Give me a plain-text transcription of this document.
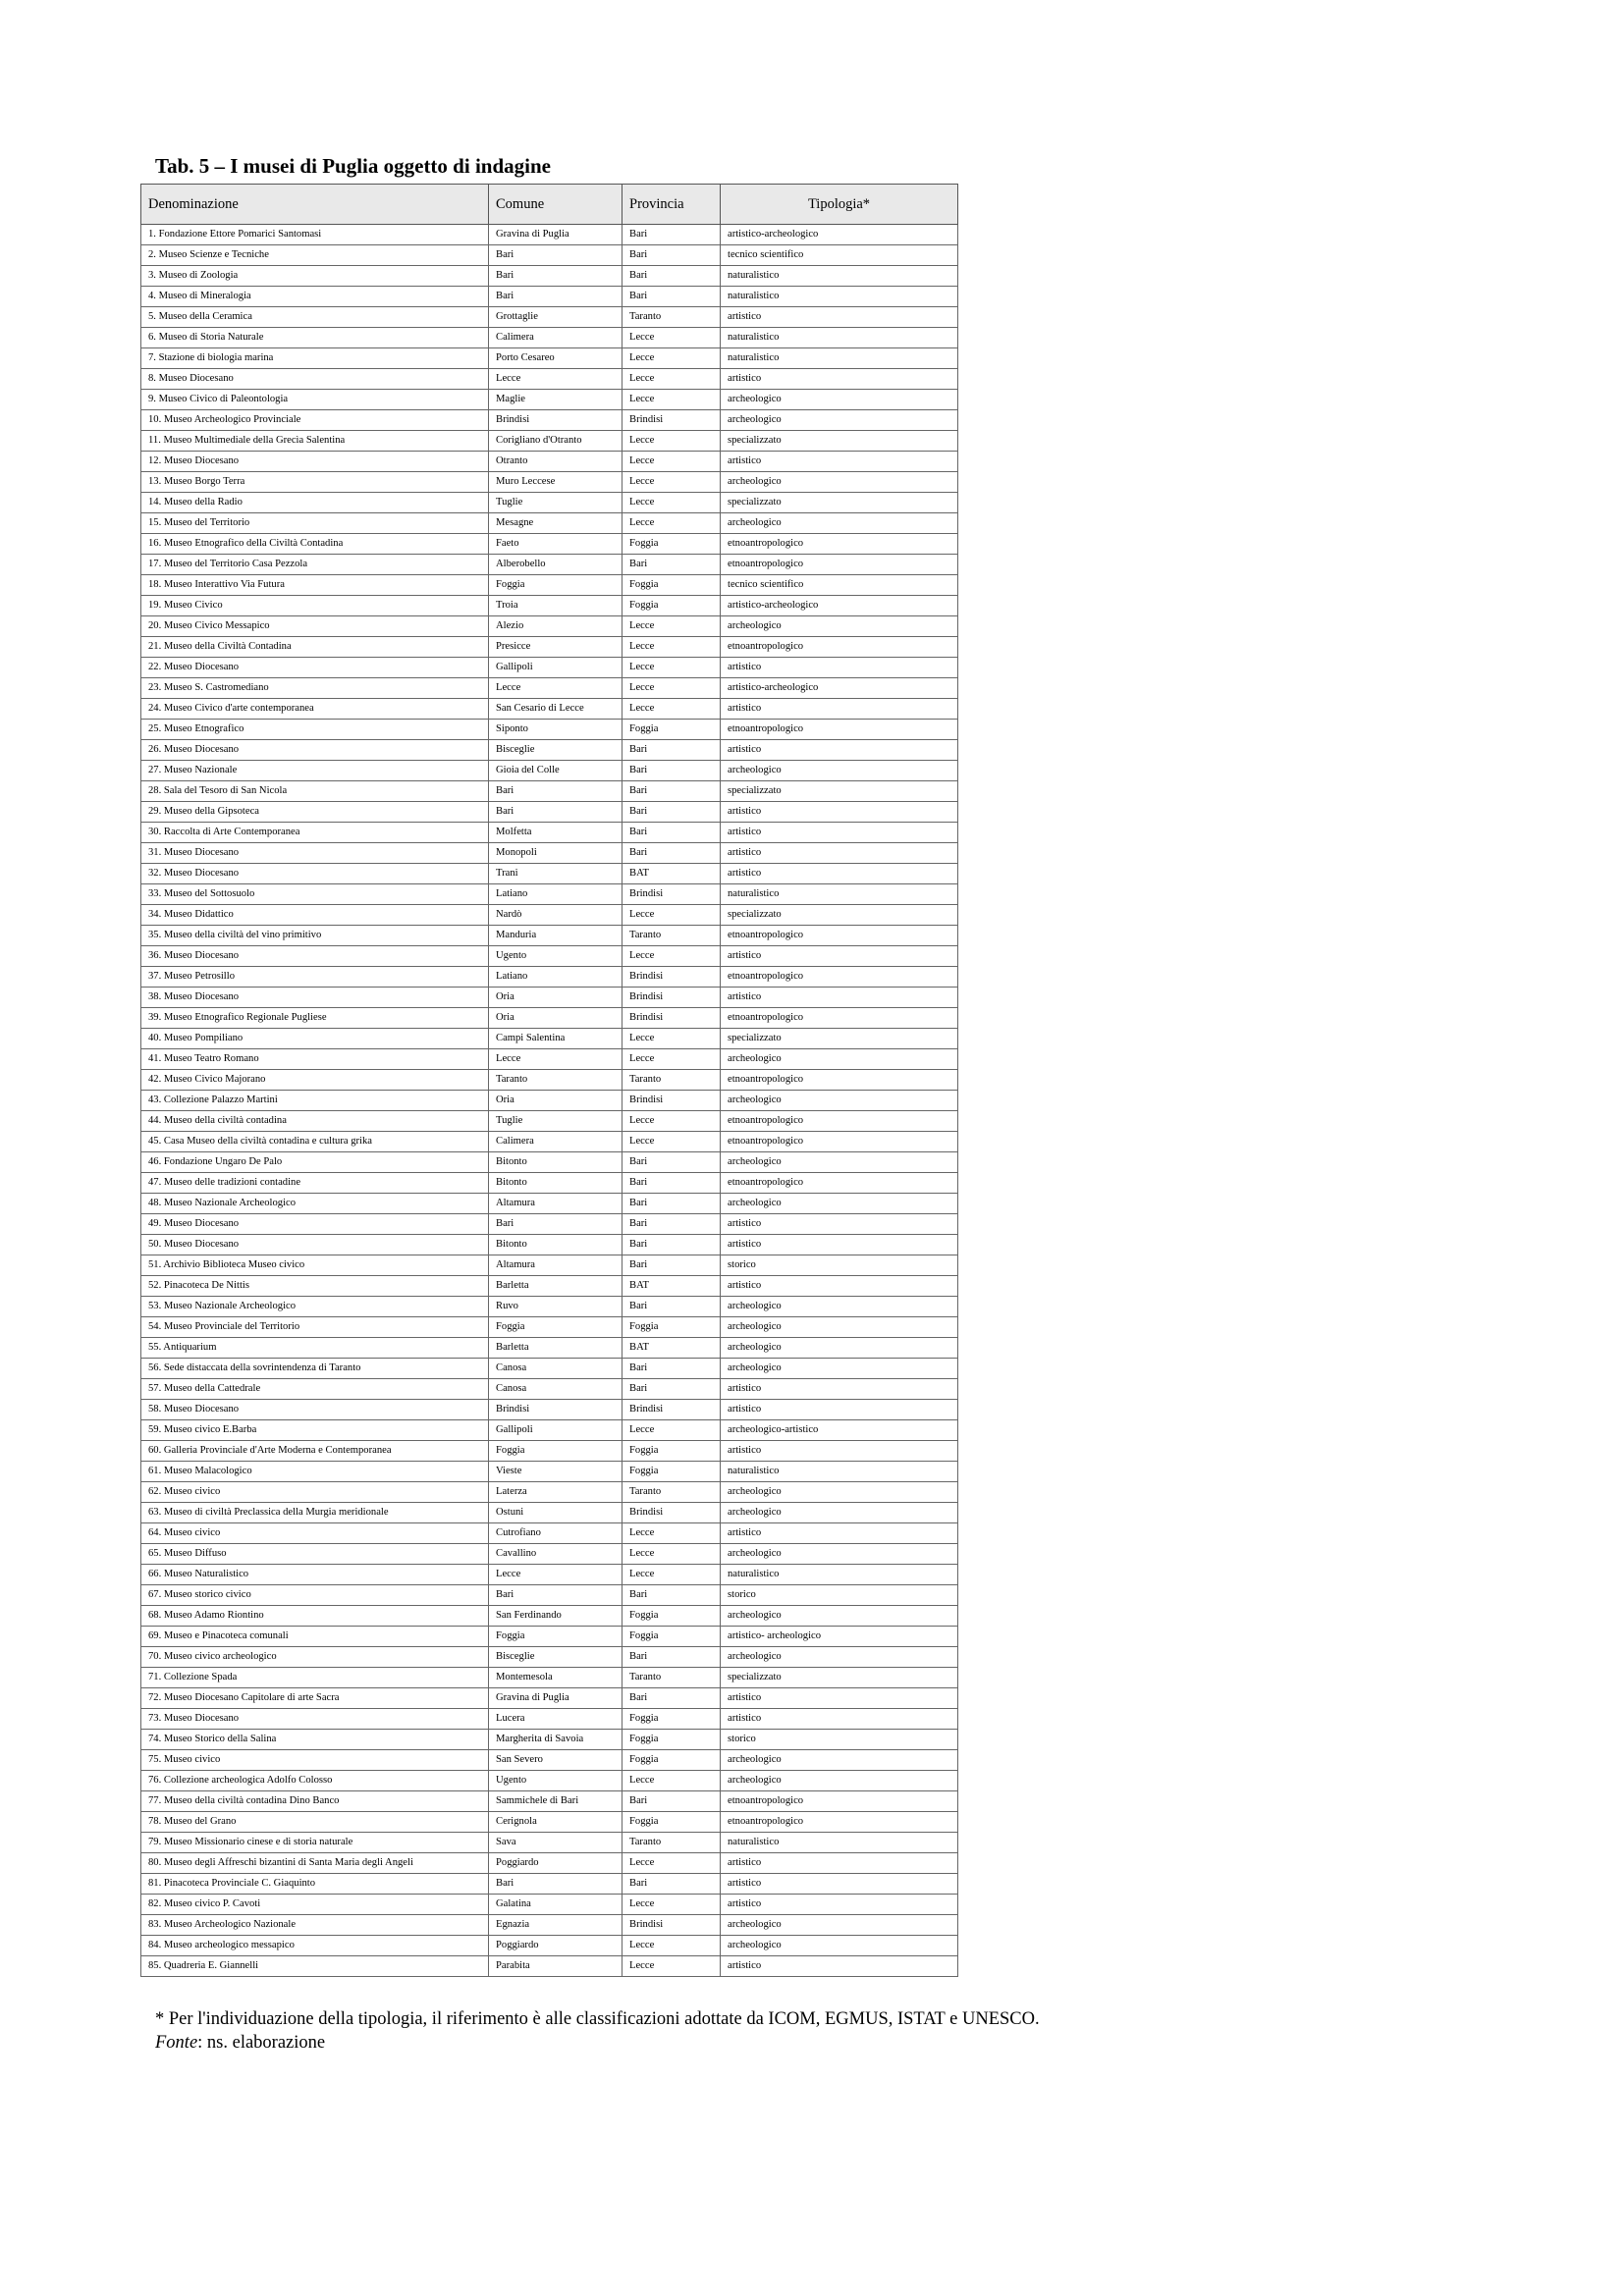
Tab. 5 – I musei di Puglia oggetto di indagine
Denominazione	Comune	Provincia	Tipologia*
1. Fondazione Ettore Pomarici Santomasi	Gravina di Puglia	Bari	artistico-archeologico
2. Museo Scienze e Tecniche	Bari	Bari	tecnico scientifico
3. Museo di Zoologia	Bari	Bari	naturalistico
4. Museo di Mineralogia	Bari	Bari	naturalistico
5. Museo della Ceramica	Grottaglie	Taranto	artistico
6. Museo di Storia Naturale	Calimera	Lecce	naturalistico
7. Stazione di biologia marina	Porto Cesareo	Lecce	naturalistico
8. Museo Diocesano	Lecce	Lecce	artistico
9. Museo Civico di Paleontologia	Maglie	Lecce	archeologico
10. Museo Archeologico Provinciale	Brindisi	Brindisi	archeologico
11. Museo Multimediale della Grecìa Salentina	Corigliano d'Otranto	Lecce	specializzato
12. Museo Diocesano	Otranto	Lecce	artistico
13. Museo Borgo Terra	Muro Leccese	Lecce	archeologico
14. Museo della Radio	Tuglie	Lecce	specializzato
15. Museo del Territorio	Mesagne	Lecce	archeologico
16. Museo Etnografico della Civiltà Contadina	Faeto	Foggia	etnoantropologico
17. Museo del Territorio Casa Pezzola	Alberobello	Bari	etnoantropologico
18. Museo Interattivo Via Futura	Foggia	Foggia	tecnico scientifico
19. Museo Civico	Troia	Foggia	artistico-archeologico
20. Museo Civico Messapico	Alezio	Lecce	archeologico
21. Museo della Civiltà Contadina	Presicce	Lecce	etnoantropologico
22. Museo Diocesano	Gallipoli	Lecce	artistico
23. Museo S. Castromediano	Lecce	Lecce	artistico-archeologico
24. Museo Civico d'arte contemporanea	San Cesario di Lecce	Lecce	artistico
25. Museo Etnografico	Siponto	Foggia	etnoantropologico
26. Museo Diocesano	Bisceglie	Bari	artistico
27. Museo Nazionale	Gioia del Colle	Bari	archeologico
28. Sala del Tesoro di San Nicola	Bari	Bari	specializzato
29. Museo della Gipsoteca	Bari	Bari	artistico
30. Raccolta di Arte Contemporanea	Molfetta	Bari	artistico
31. Museo Diocesano	Monopoli	Bari	artistico
32. Museo Diocesano	Trani	BAT	artistico
33. Museo del Sottosuolo	Latiano	Brindisi	naturalistico
34. Museo Didattico	Nardò	Lecce	specializzato
35. Museo della civiltà del vino primitivo	Manduria	Taranto	etnoantropologico
36. Museo Diocesano	Ugento	Lecce	artistico
37. Museo Petrosillo	Latiano	Brindisi	etnoantropologico
38. Museo Diocesano	Oria	Brindisi	artistico
39. Museo Etnografico Regionale Pugliese	Oria	Brindisi	etnoantropologico
40. Museo Pompiliano	Campi Salentina	Lecce	specializzato
41. Museo Teatro Romano	Lecce	Lecce	archeologico
42. Museo Civico Majorano	Taranto	Taranto	etnoantropologico
43. Collezione Palazzo Martini	Oria	Brindisi	archeologico
44. Museo della civiltà contadina	Tuglie	Lecce	etnoantropologico
45. Casa Museo della civiltà contadina e cultura grika	Calimera	Lecce	etnoantropologico
46. Fondazione Ungaro De Palo	Bitonto	Bari	archeologico
47. Museo delle tradizioni contadine	Bitonto	Bari	etnoantropologico
48. Museo Nazionale Archeologico	Altamura	Bari	archeologico
49. Museo Diocesano	Bari	Bari	artistico
50. Museo Diocesano	Bitonto	Bari	artistico
51. Archivio Biblioteca Museo civico	Altamura	Bari	storico
52. Pinacoteca De Nittis	Barletta	BAT	artistico
53. Museo Nazionale Archeologico	Ruvo	Bari	archeologico
54. Museo Provinciale del Territorio	Foggia	Foggia	archeologico
55. Antiquarium	Barletta	BAT	archeologico
56. Sede distaccata della sovrintendenza di Taranto	Canosa	Bari	archeologico
57. Museo della Cattedrale	Canosa	Bari	artistico
58. Museo Diocesano	Brindisi	Brindisi	artistico
59. Museo civico E.Barba	Gallipoli	Lecce	archeologico-artistico
60. Galleria Provinciale d'Arte Moderna e Contemporanea	Foggia	Foggia	artistico
61. Museo Malacologico	Vieste	Foggia	naturalistico
62. Museo civico	Laterza	Taranto	archeologico
63. Museo di civiltà Preclassica della Murgia meridionale	Ostuni	Brindisi	archeologico
64. Museo civico	Cutrofiano	Lecce	artistico
65. Museo Diffuso	Cavallino	Lecce	archeologico
66. Museo Naturalistico	Lecce	Lecce	naturalistico
67. Museo storico civico	Bari	Bari	storico
68. Museo Adamo Riontino	San Ferdinando	Foggia	archeologico
69. Museo e Pinacoteca comunali	Foggia	Foggia	artistico- archeologico
70. Museo civico archeologico	Bisceglie	Bari	archeologico
71. Collezione Spada	Montemesola	Taranto	specializzato
72. Museo Diocesano Capitolare di arte Sacra	Gravina di Puglia	Bari	artistico
73. Museo Diocesano	Lucera	Foggia	artistico
74. Museo Storico della Salina	Margherita di Savoia	Foggia	storico
75. Museo civico	San Severo	Foggia	archeologico
76. Collezione archeologica Adolfo Colosso	Ugento	Lecce	archeologico
77. Museo della civiltà contadina Dino Banco	Sammichele di Bari	Bari	etnoantropologico
78. Museo del Grano	Cerignola	Foggia	etnoantropologico
79. Museo Missionario cinese e di storia naturale	Sava	Taranto	naturalistico
80. Museo degli Affreschi bizantini di Santa Maria degli Angeli	Poggiardo	Lecce	artistico
81. Pinacoteca Provinciale C. Giaquinto	Bari	Bari	artistico
82. Museo civico P. Cavoti	Galatina	Lecce	artistico
83. Museo Archeologico Nazionale	Egnazia	Brindisi	archeologico
84. Museo archeologico messapico	Poggiardo	Lecce	archeologico
85. Quadreria E. Giannelli	Parabita	Lecce	artistico

* Per l'individuazione della tipologia, il riferimento è alle classificazioni adottate da ICOM, EGMUS, ISTAT e UNESCO.

Fonte: ns. elaborazione
